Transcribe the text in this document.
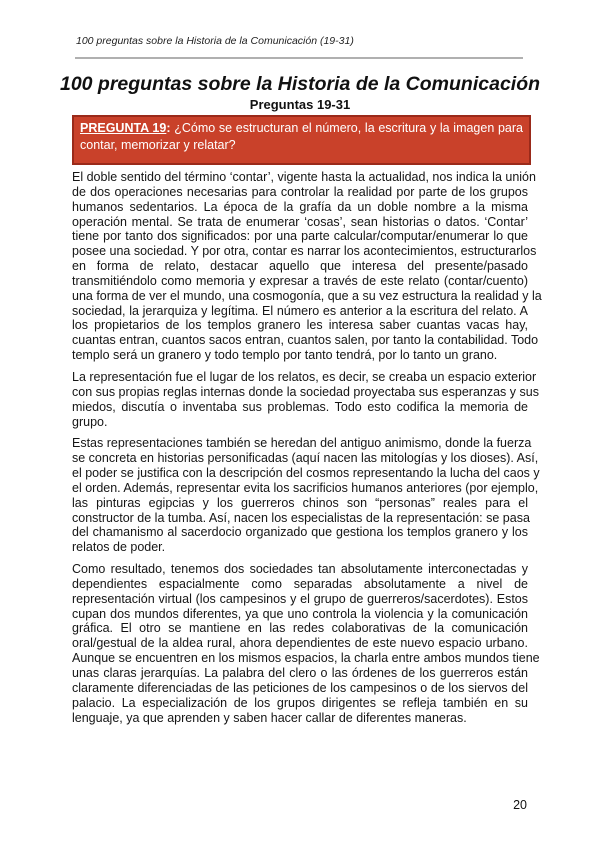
100 preguntas sobre la Historia de la Comunicación (19-31)
100 preguntas sobre la Historia de la Comunicación
Preguntas 19-31
PREGUNTA 19: ¿Cómo se estructuran el número, la escritura y la imagen para
contar, memorizar y relatar?
El doble sentido del término ‘contar’, vigente hasta la actualidad, nos indica la unión
de dos operaciones necesarias para controlar la realidad por parte de los grupos
humanos sedentarios. La época de la grafía da un doble nombre a la misma
operación mental. Se trata de enumerar ‘cosas’, sean historias o datos. ‘Contar’
tiene por tanto dos significados: por una parte calcular/computar/enumerar lo que
posee una sociedad. Y por otra, contar es narrar los acontecimientos, estructurarlos
en forma de relato, destacar aquello que interesa del presente/pasado
transmitiéndolo como memoria y expresar a través de este relato (contar/cuento)
una forma de ver el mundo, una cosmogonía, que a su vez estructura la realidad y la
sociedad, la jerarquiza y legítima. El número es anterior a la escritura del relato. A
los propietarios de los templos granero les interesa saber cuantas vacas hay,
cuantas entran, cuantos sacos entran, cuantos salen, por tanto la contabilidad. Todo
templo será un granero y todo templo por tanto tendrá, por lo tanto un grano.
La representación fue el lugar de los relatos, es decir, se creaba un espacio exterior
con sus propias reglas internas donde la sociedad proyectaba sus esperanzas y sus
miedos, discutía o inventaba sus problemas. Todo esto codifica la memoria de
grupo.
Estas representaciones también se heredan del antiguo animismo, donde la fuerza
se concreta en historias personificadas (aquí nacen las mitologías y los dioses). Así,
el poder se justifica con la descripción del cosmos representando la lucha del caos y
el orden. Además, representar evita los sacrificios humanos anteriores (por ejemplo,
las pinturas egipcias y los guerreros chinos son “personas” reales para el
constructor de la tumba. Así, nacen los especialistas de la representación: se pasa
del chamanismo al sacerdocio organizado que gestiona los templos granero y los
relatos de poder.
Como resultado, tenemos dos sociedades tan absolutamente interconectadas y
dependientes espacialmente como separadas absolutamente a nivel de
representación virtual (los campesinos y el grupo de guerreros/sacerdotes). Estos
cupan dos mundos diferentes, ya que uno controla la violencia y la comunicación
gráfica. El otro se mantiene en las redes colaborativas de la comunicación
oral/gestual de la aldea rural, ahora dependientes de este nuevo espacio urbano.
Aunque se encuentren en los mismos espacios, la charla entre ambos mundos tiene
unas claras jerarquías. La palabra del clero o las órdenes de los guerreros están
claramente diferenciadas de las peticiones de los campesinos o de los siervos del
palacio. La especialización de los grupos dirigentes se refleja también en su
lenguaje, ya que aprenden y saben hacer callar de diferentes maneras.
20
